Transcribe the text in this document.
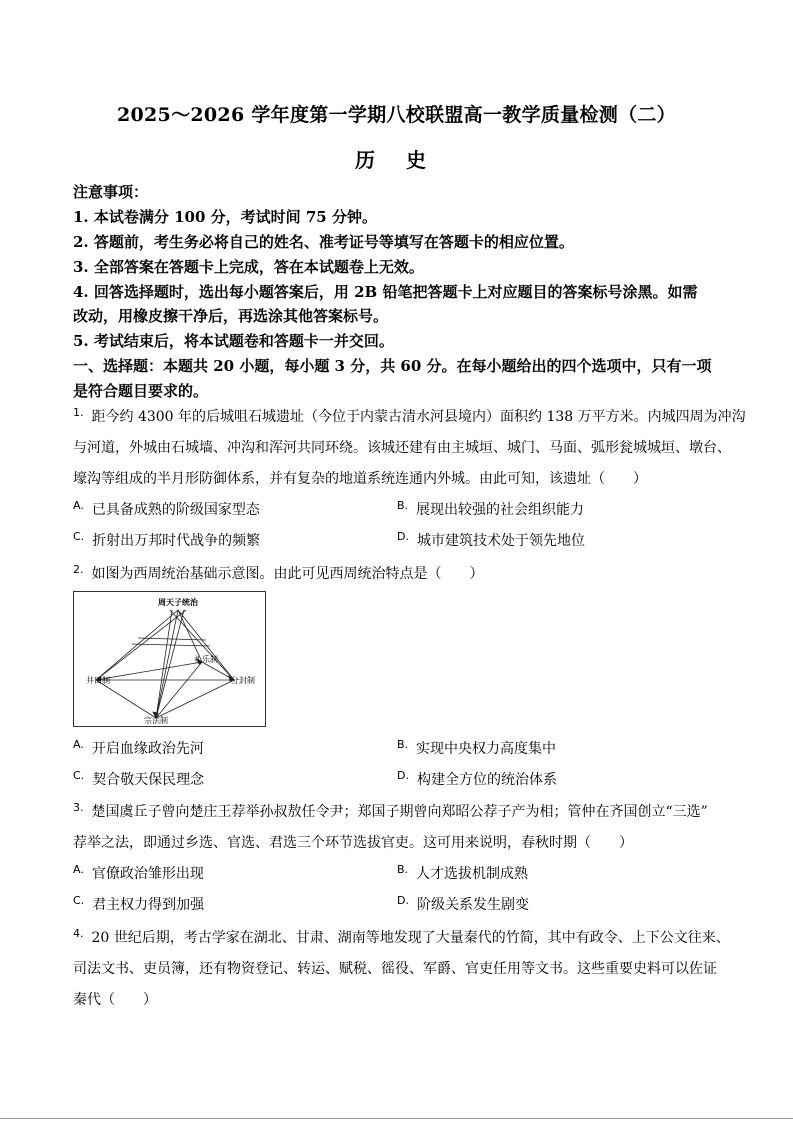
2025～2026 学年度第一学期八校联盟高一教学质量检测（二）
历 史
注意事项：
1. 本试卷满分 100 分，考试时间 75 分钟。
2. 答题前，考生务必将自己的姓名、准考证号等填写在答题卡的相应位置。
3. 全部答案在答题卡上完成，答在本试题卷上无效。
4. 回答选择题时，选出每小题答案后，用 2B 铅笔把答题卡上对应题目的答案标号涂黑。如需
改动，用橡皮擦干净后，再选涂其他答案标号。
5. 考试结束后，将本试题卷和答题卡一并交回。
一、选择题：本题共 20 小题，每小题 3 分，共 60 分。在每小题给出的四个选项中，只有一项
是符合题目要求的。
$^{1.}$ 距今约 4300 年的后城咀石城遗址（今位于内蒙古清水河县境内）面积约 138 万平方米。内城四周为冲沟
与河道，外城由石城墙、冲沟和浑河共同环绕。该城还建有由主城垣、城门、马面、弧形瓮城城垣、墩台、
壕沟等组成的半月形防御体系，并有复杂的地道系统连通内外城。由此可知，该遗址（　　）
$^{A.}$ 已具备成熟的阶级国家型态	$^{B.}$ 展现出较强的社会组织能力
$^{C.}$ 折射出万邦时代战争的频繁	$^{D.}$ 城市建筑技术处于领先地位
$^{2.}$ 如图为西周统治基础示意图。由此可见西周统治特点是（　　）
周天子统治
礼乐制
井田制	分封制
宗法制
$^{A.}$ 开启血缘政治先河	$^{B.}$ 实现中央权力高度集中
$^{C.}$ 契合敬天保民理念	$^{D.}$ 构建全方位的统治体系
$^{3.}$ 楚国虞丘子曾向楚庄王荐举孙叔敖任令尹；郑国子期曾向郑昭公荐子产为相；管仲在齐国创立“三选”
荐举之法，即通过乡选、官选、君选三个环节选拔官吏。这可用来说明，春秋时期（　　）
$^{A.}$ 官僚政治雏形出现	$^{B.}$ 人才选拔机制成熟
$^{C.}$ 君主权力得到加强	$^{D.}$ 阶级关系发生剧变
$^{4.}$ 20 世纪后期，考古学家在湖北、甘肃、湖南等地发现了大量秦代的竹简，其中有政令、上下公文往来、
司法文书、吏员簿，还有物资登记、转运、赋税、徭役、军爵、官吏任用等文书。这些重要史料可以佐证
秦代（　　）
